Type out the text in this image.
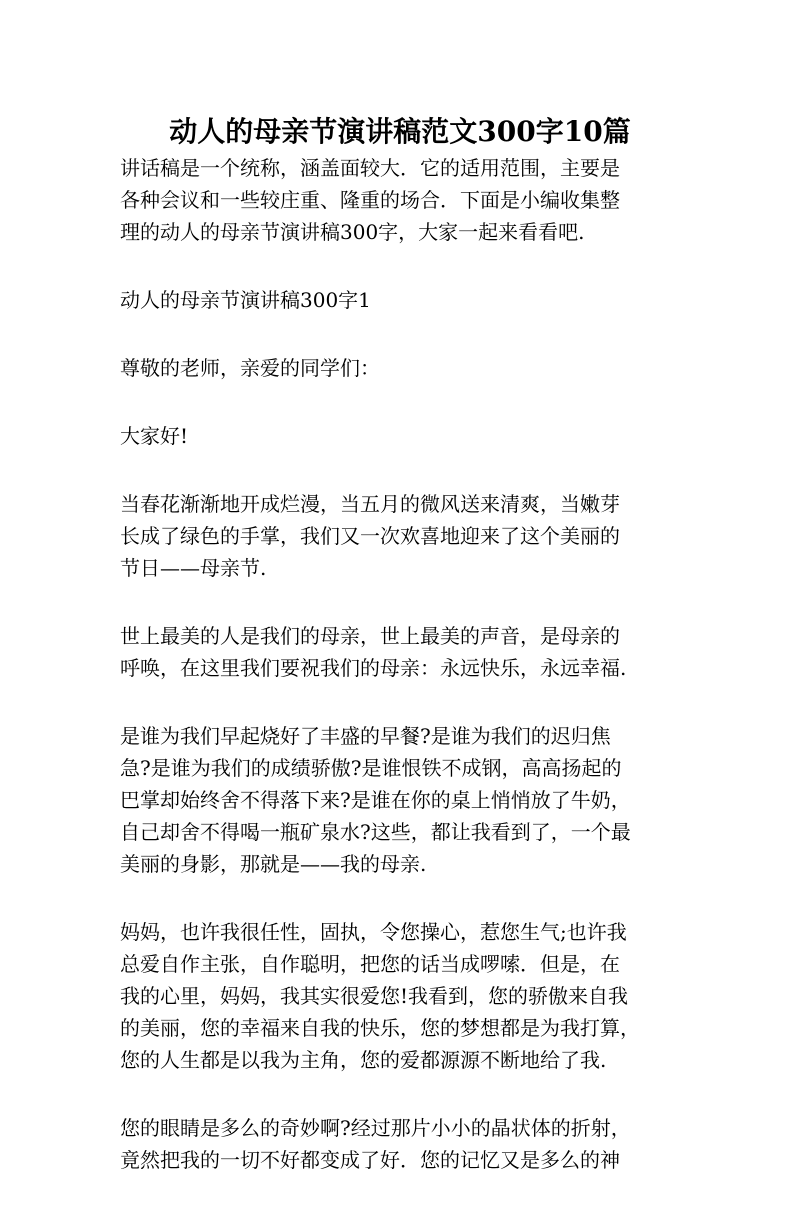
动人的母亲节演讲稿范文300字10篇

讲话稿是一个统称，涵盖面较大．它的适用范围，主要是
各种会议和一些较庄重、隆重的场合．下面是小编收集整
理的动人的母亲节演讲稿300字，大家一起来看看吧.

动人的母亲节演讲稿300字1

尊敬的老师，亲爱的同学们：

大家好!

当春花渐渐地开成烂漫，当五月的微风送来清爽，当嫩芽
长成了绿色的手掌，我们又一次欢喜地迎来了这个美丽的
节日——母亲节.

世上最美的人是我们的母亲，世上最美的声音，是母亲的
呼唤，在这里我们要祝我们的母亲：永远快乐，永远幸福.

是谁为我们早起烧好了丰盛的早餐?是谁为我们的迟归焦
急?是谁为我们的成绩骄傲?是谁恨铁不成钢，高高扬起的
巴掌却始终舍不得落下来?是谁在你的桌上悄悄放了牛奶，
自己却舍不得喝一瓶矿泉水?这些，都让我看到了，一个最
美丽的身影，那就是——我的母亲.

妈妈，也许我很任性，固执，令您操心，惹您生气;也许我
总爱自作主张，自作聪明，把您的话当成啰嗦．但是，在
我的心里，妈妈，我其实很爱您!我看到，您的骄傲来自我
的美丽，您的幸福来自我的快乐，您的梦想都是为我打算，
您的人生都是以我为主角，您的爱都源源不断地给了我.

您的眼睛是多么的奇妙啊?经过那片小小的晶状体的折射，
竟然把我的一切不好都变成了好．您的记忆又是多么的神
